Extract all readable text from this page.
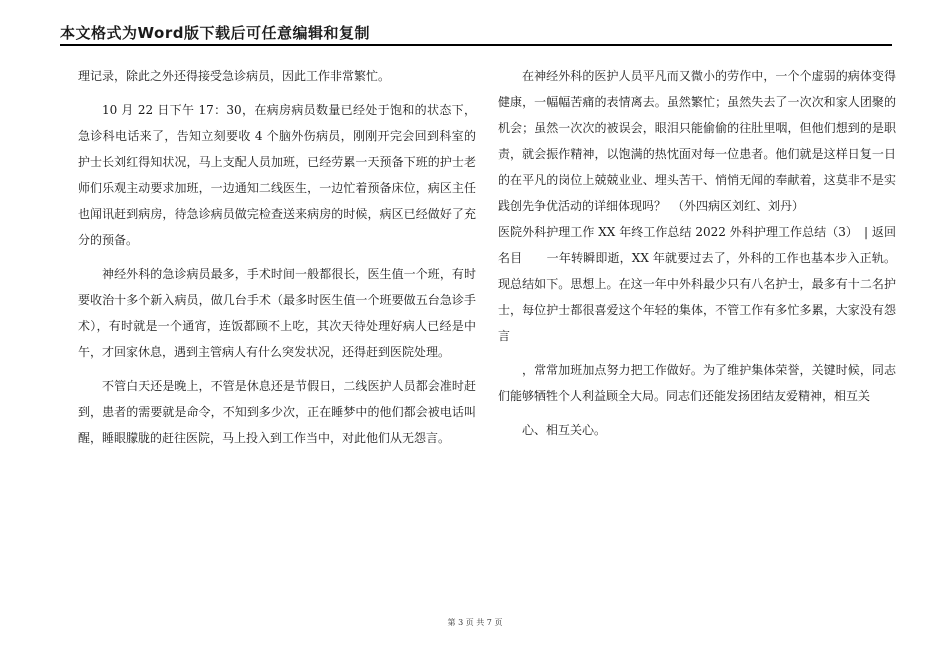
本文格式为Word版下载后可任意编辑和复制

理记录，除此之外还得接受急诊病员，因此工作非常繁忙。

10 月 22 日下午 17：30，在病房病员数量已经处于饱和的状态下，急诊科电话来了，告知立刻要收 4 个脑外伤病员，刚刚开完会回到科室的护士长刘红得知状况，马上支配人员加班，已经劳累一天预备下班的护士老师们乐观主动要求加班，一边通知二线医生，一边忙着预备床位，病区主任也闻讯赶到病房，待急诊病员做完检查送来病房的时候，病区已经做好了充分的预备。

神经外科的急诊病员最多，手术时间一般都很长，医生值一个班，有时要收治十多个新入病员，做几台手术（最多时医生值一个班要做五台急诊手术），有时就是一个通宵，连饭都顾不上吃，其次天待处理好病人已经是中午，才回家休息，遇到主管病人有什么突发状况，还得赶到医院处理。

不管白天还是晚上，不管是休息还是节假日，二线医护人员都会准时赶到，患者的需要就是命令，不知到多少次，正在睡梦中的他们都会被电话叫醒，睡眼朦胧的赶往医院，马上投入到工作当中，对此他们从无怨言。

在神经外科的医护人员平凡而又微小的劳作中，一个个虚弱的病体变得健康，一幅幅苦痛的表情离去。虽然繁忙；虽然失去了一次次和家人团聚的机会；虽然一次次的被误会，眼泪只能偷偷的往肚里咽，但他们想到的是职责，就会振作精神，以饱满的热忱面对每一位患者。他们就是这样日复一日的在平凡的岗位上兢兢业业、埋头苦干、悄悄无闻的奉献着，这莫非不是实践创先争优活动的详细体现吗？　（外四病区刘红、刘丹）

医院外科护理工作 XX 年终工作总结 2022 外科护理工作总结（3）　| 返回名目　　一年转瞬即逝，XX 年就要过去了，外科的工作也基本步入正轨。现总结如下。思想上。在这一年中外科最少只有八名护士，最多有十二名护士，每位护士都很喜爱这个年轻的集体，不管工作有多忙多累，大家没有怨言

，常常加班加点努力把工作做好。为了维护集体荣誉，关键时候，同志们能够牺牲个人利益顾全大局。同志们还能发扬团结友爱精神，相互关

心、相互关心。

第 3 页 共 7 页
